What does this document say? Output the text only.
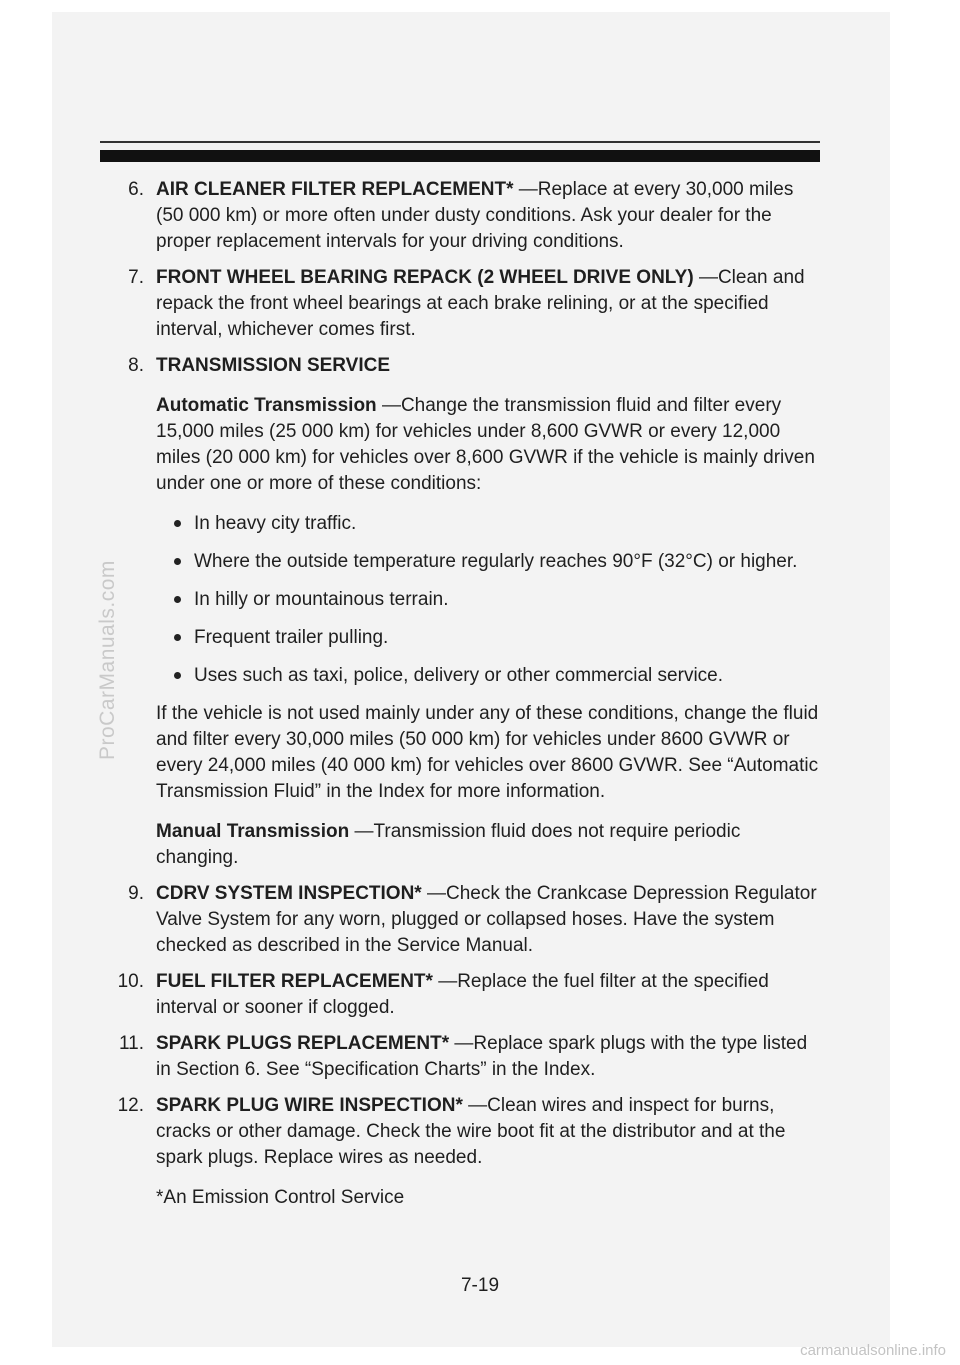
ProCarManuals.com
6. AIR CLEANER FILTER REPLACEMENT* —Replace at every 30,000 miles (50 000 km) or more often under dusty conditions. Ask your dealer for the proper replacement intervals for your driving conditions.

7. FRONT WHEEL BEARING REPACK (2 WHEEL DRIVE ONLY) —Clean and repack the front wheel bearings at each brake relining, or at the specified interval, whichever comes first.

8. TRANSMISSION SERVICE

Automatic Transmission —Change the transmission fluid and filter every 15,000 miles (25 000 km) for vehicles under 8,600 GVWR or every 12,000 miles (20 000 km) for vehicles over 8,600 GVWR if the vehicle is mainly driven under one or more of these conditions:

In heavy city traffic.
Where the outside temperature regularly reaches 90°F (32°C) or higher.
In hilly or mountainous terrain.
Frequent trailer pulling.
Uses such as taxi, police, delivery or other commercial service.

If the vehicle is not used mainly under any of these conditions, change the fluid and filter every 30,000 miles (50 000 km) for vehicles under 8600 GVWR or every 24,000 miles (40 000 km) for vehicles over 8600 GVWR. See “Automatic Transmission Fluid” in the Index for more information.

Manual Transmission —Transmission fluid does not require periodic changing.

9. CDRV SYSTEM INSPECTION* —Check the Crankcase Depression Regulator Valve System for any worn, plugged or collapsed hoses. Have the system checked as described in the Service Manual.

10. FUEL FILTER REPLACEMENT* —Replace the fuel filter at the specified interval or sooner if clogged.

11. SPARK PLUGS REPLACEMENT* —Replace spark plugs with the type listed in Section 6. See “Specification Charts” in the Index.

12. SPARK PLUG WIRE INSPECTION* —Clean wires and inspect for burns, cracks or other damage. Check the wire boot fit at the distributor and at the spark plugs. Replace wires as needed.

*An Emission Control Service

7-19
carmanualsonline.info
